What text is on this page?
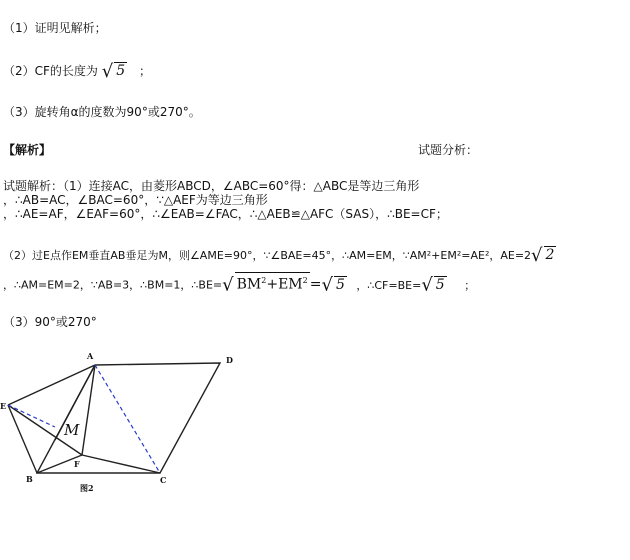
（1）证明见解析；
（2）CF的长度为 √ 5 ；
（3）旋转角α的度数为90°或270°。
【解析】	试题分析：
试题解析：（1）连接AC，由菱形ABCD，∠ABC=60°得：△ABC是等边三角形
，∴AB=AC，∠BAC=60°，∵△AEF为等边三角形
，∴AE=AF，∠EAF=60°，∴∠EAB=∠FAC，∴△AEB≌△AFC（SAS），∴BE=CF；
（2）过E点作EM垂直AB垂足为M，则∠AME=90°，∵∠BAE=45°，∴AM=EM，∵AM²+EM²=AE²，AE=2√ 2
，∴AM=EM=2，∵AB=3，∴BM=1，∴BE=√ $BM^2+EM^2$ =√ 5 ，∴CF=BE=√ 5 ；
（3）90°或270°
A	D
E
F
B	C
图2
M
